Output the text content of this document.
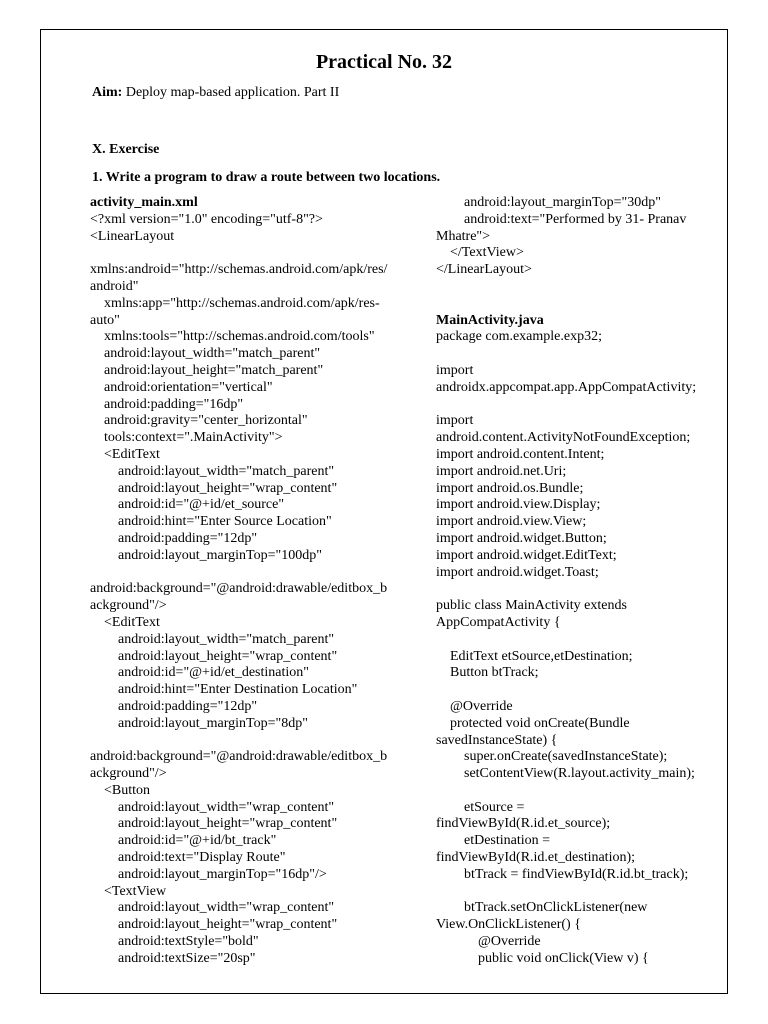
Practical No. 32
Aim: Deploy map-based application. Part II
X. Exercise
1. Write a program to draw a route between two locations.
activity_main.xml
<?xml version="1.0" encoding="utf-8"?>
<LinearLayout
xmlns:android="http://schemas.android.com/apk/res/
android"
xmlns:app="http://schemas.android.com/apk/res-
auto"
xmlns:tools="http://schemas.android.com/tools"
android:layout_width="match_parent"
android:layout_height="match_parent"
android:orientation="vertical"
android:padding="16dp"
android:gravity="center_horizontal"
tools:context=".MainActivity">
<EditText
android:layout_width="match_parent"
android:layout_height="wrap_content"
android:id="@+id/et_source"
android:hint="Enter Source Location"
android:padding="12dp"
android:layout_marginTop="100dp"
android:background="@android:drawable/editbox_b
ackground"/>
<EditText
android:layout_width="match_parent"
android:layout_height="wrap_content"
android:id="@+id/et_destination"
android:hint="Enter Destination Location"
android:padding="12dp"
android:layout_marginTop="8dp"
android:background="@android:drawable/editbox_b
ackground"/>
<Button
android:layout_width="wrap_content"
android:layout_height="wrap_content"
android:id="@+id/bt_track"
android:text="Display Route"
android:layout_marginTop="16dp"/>
<TextView
android:layout_width="wrap_content"
android:layout_height="wrap_content"
android:textStyle="bold"
android:textSize="20sp"
android:layout_marginTop="30dp"
android:text="Performed by 31- Pranav
Mhatre">
</TextView>
</LinearLayout>
MainActivity.java
package com.example.exp32;
import
androidx.appcompat.app.AppCompatActivity;
import
android.content.ActivityNotFoundException;
import android.content.Intent;
import android.net.Uri;
import android.os.Bundle;
import android.view.Display;
import android.view.View;
import android.widget.Button;
import android.widget.EditText;
import android.widget.Toast;
public class MainActivity extends
AppCompatActivity {
EditText etSource,etDestination;
Button btTrack;
@Override
protected void onCreate(Bundle
savedInstanceState) {
super.onCreate(savedInstanceState);
setContentView(R.layout.activity_main);
etSource =
findViewById(R.id.et_source);
etDestination =
findViewById(R.id.et_destination);
btTrack = findViewById(R.id.bt_track);
btTrack.setOnClickListener(new
View.OnClickListener() {
@Override
public void onClick(View v) {
